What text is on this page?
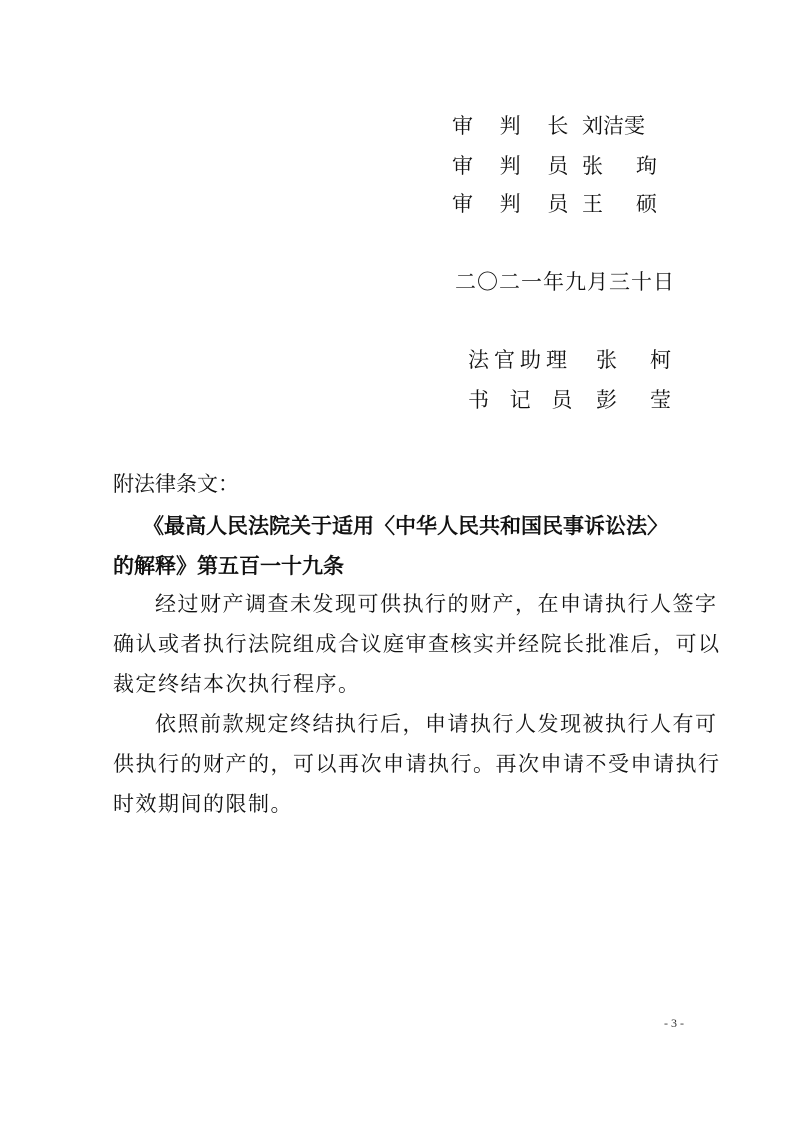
审 判 长 刘洁雯
审 判 员 张　珣
审 判 员 王　硕
二〇二一年九月三十日
法官助理 张　柯
书 记 员 彭　莹
附法律条文：
《最高人民法院关于适用〈中华人民共和国民事诉讼法〉
的解释》第五百一十九条
经过财产调查未发现可供执行的财产，在申请执行人签字
确认或者执行法院组成合议庭审查核实并经院长批准后，可以
裁定终结本次执行程序。
依照前款规定终结执行后，申请执行人发现被执行人有可
供执行的财产的，可以再次申请执行。再次申请不受申请执行
时效期间的限制。
- 3 -
